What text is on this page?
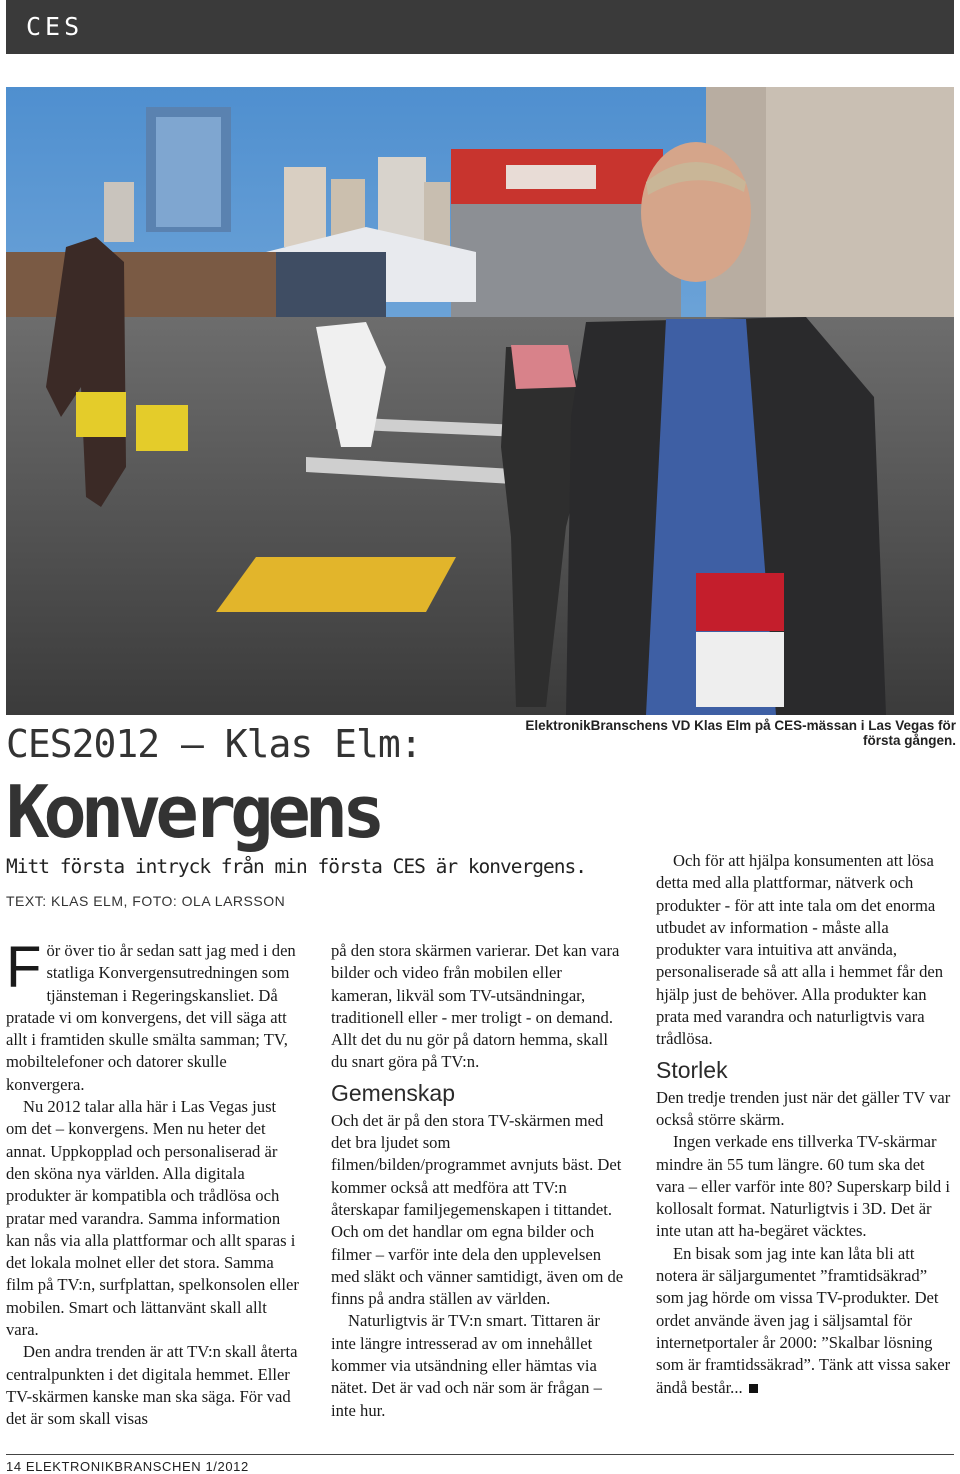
CES
ElektronikBranschens VD Klas Elm på CES-mässan i Las Vegas för första gången.
CES2012 – Klas Elm:
Konvergens
Mitt första intryck från min första CES är konvergens.
TEXT: KLAS ELM, FOTO: OLA LARSSON

För över tio år sedan satt jag med i den statliga Konvergensutredningen som tjänsteman i Regeringskansliet. Då pratade vi om konvergens, det vill säga att allt i framtiden skulle smälta samman; TV, mobiltelefoner och datorer skulle konvergera.

Nu 2012 talar alla här i Las Vegas just om det – konvergens. Men nu heter det annat. Uppkopplad och personaliserad är den sköna nya världen. Alla digitala produkter är kompatibla och trådlösa och pratar med varandra. Samma information kan nås via alla plattformar och allt sparas i det lokala molnet eller det stora. Samma film på TV:n, surfplattan, spelkonsolen eller mobilen. Smart och lättanvänt skall allt vara.

Den andra trenden är att TV:n skall återta centralpunkten i det digitala hemmet. Eller TV-skärmen kanske man ska säga. För vad det är som skall visas

på den stora skärmen varierar. Det kan vara bilder och video från mobilen eller kameran, likväl som TV-utsändningar, traditionell eller - mer troligt - on demand. Allt det du nu gör på datorn hemma, skall du snart göra på TV:n.

Gemenskap

Och det är på den stora TV-skärmen med det bra ljudet som filmen/bilden/programmet avnjuts bäst. Det kommer också att medföra att TV:n återskapar familjegemenskapen i tittandet. Och om det handlar om egna bilder och filmer – varför inte dela den upplevelsen med släkt och vänner samtidigt, även om de finns på andra ställen av världen.

Naturligtvis är TV:n smart. Tittaren är inte längre intresserad av om innehållet kommer via utsändning eller hämtas via nätet. Det är vad och när som är frågan – inte hur.

Och för att hjälpa konsumenten att lösa detta med alla plattformar, nätverk och produkter - för att inte tala om det enorma utbudet av information - måste alla produkter vara intuitiva att använda, personaliserade så att alla i hemmet får den hjälp just de behöver. Alla produkter kan prata med varandra och naturligtvis vara trådlösa.

Storlek

Den tredje trenden just när det gäller TV var också större skärm.

Ingen verkade ens tillverka TV-skärmar mindre än 55 tum längre. 60 tum ska det vara – eller varför inte 80? Superskarp bild i kollosalt format. Naturligtvis i 3D. Det är inte utan att ha-begäret väcktes.

En bisak som jag inte kan låta bli att notera är säljargumentet ”framtidsäkrad” som jag hörde om vissa TV-produkter. Det ordet använde även jag i säljsamtal för internetportaler år 2000: ”Skalbar lösning som är framtidssäkrad”. Tänk att vissa saker ändå består...

14 ELEKTRONIKBRANSCHEN 1/2012
